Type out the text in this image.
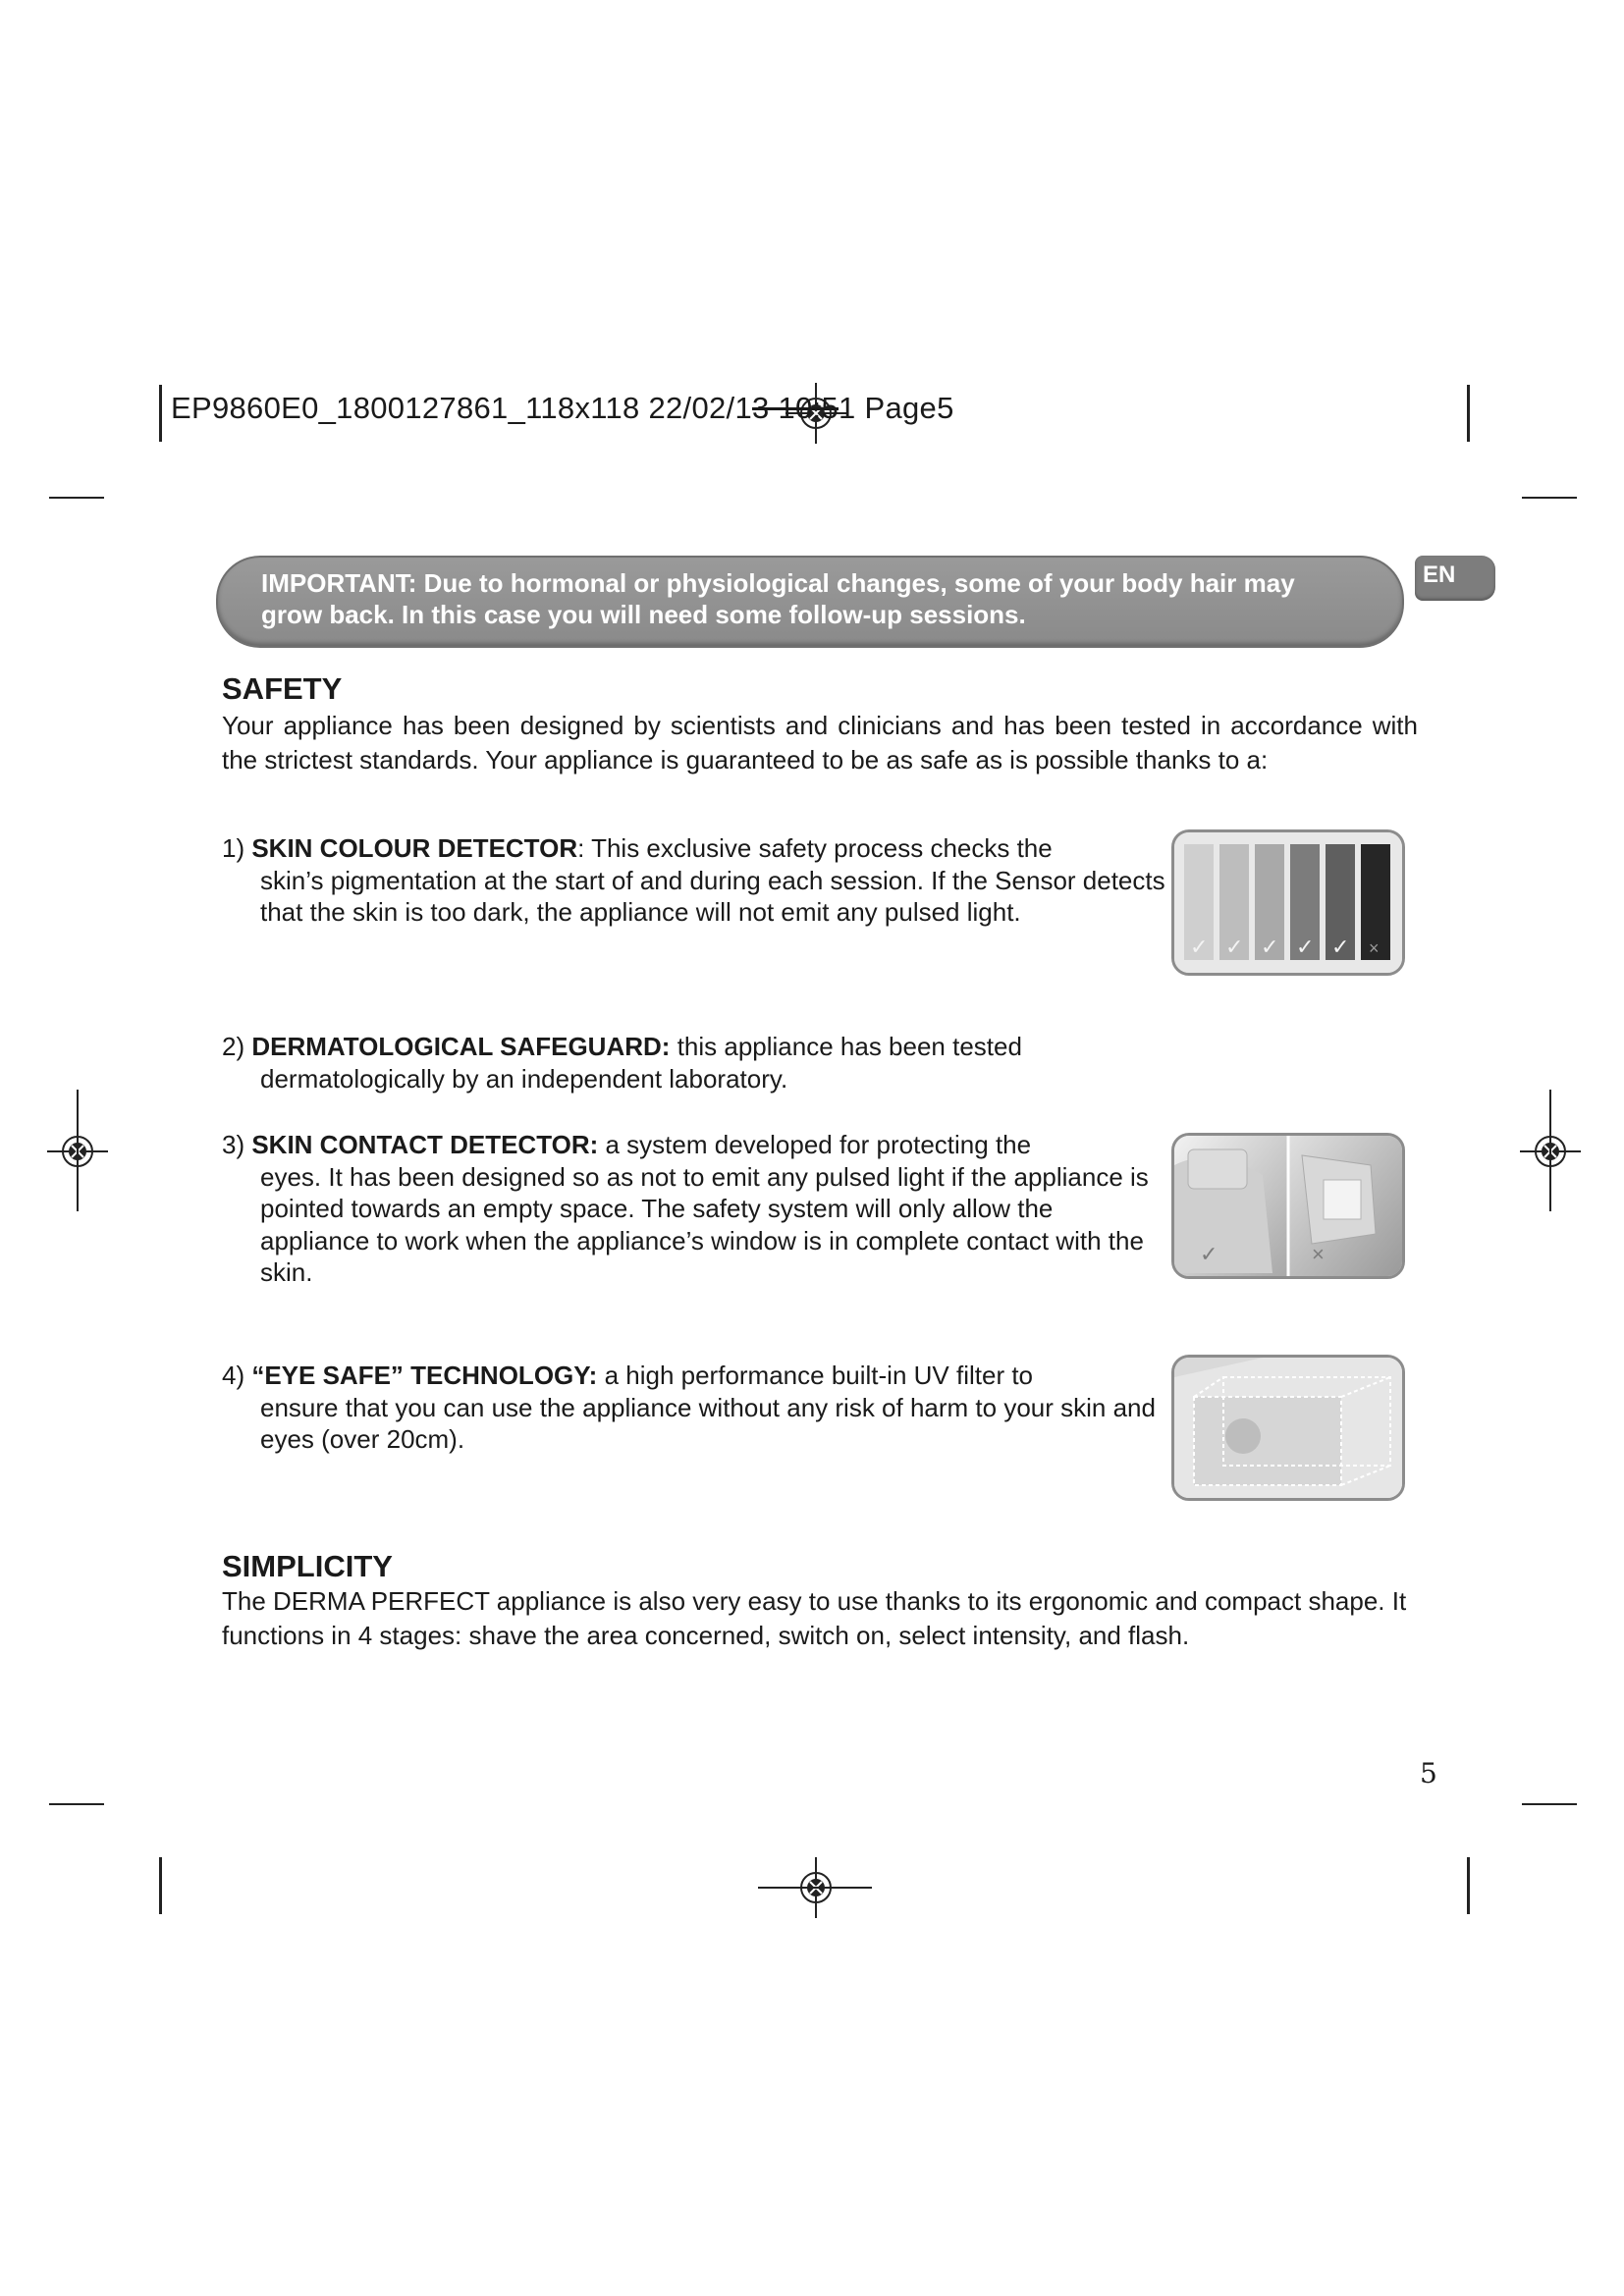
EP9860E0_1800127861_118x118 22/02/13 10:51 Page5

IMPORTANT: Due to hormonal or physiological changes, some of your body hair may grow back. In this case you will need some follow-up sessions.

EN
SAFETY

Your appliance has been designed by scientists and clinicians and has been tested in accordance with the strictest standards. Your appliance is guaranteed to be as safe as is possible thanks to a:

1) SKIN COLOUR DETECTOR: This exclusive safety process checks the
skin’s pigmentation at the start of and during each session. If the Sensor detects that the skin is too dark, the appliance will not emit any pulsed light.
✓ ✓ ✓ ✓ ✓ ×
2) DERMATOLOGICAL SAFEGUARD: this appliance has been tested
dermatologically by an independent laboratory.
3) SKIN CONTACT DETECTOR: a system developed for protecting the
eyes. It has been designed so as not to emit any pulsed light if the appliance is pointed towards an empty space. The safety system will only allow the appliance to work when the appliance’s window is in complete contact with the skin.
✓	×
4) “EYE SAFE” TECHNOLOGY: a high performance built-in UV filter to
ensure that you can use the appliance without any risk of harm to your skin and eyes (over 20cm).
SIMPLICITY

The DERMA PERFECT appliance is also very easy to use thanks to its ergonomic and compact shape. It functions in 4 stages: shave the area concerned, switch on, select intensity, and flash.

5
